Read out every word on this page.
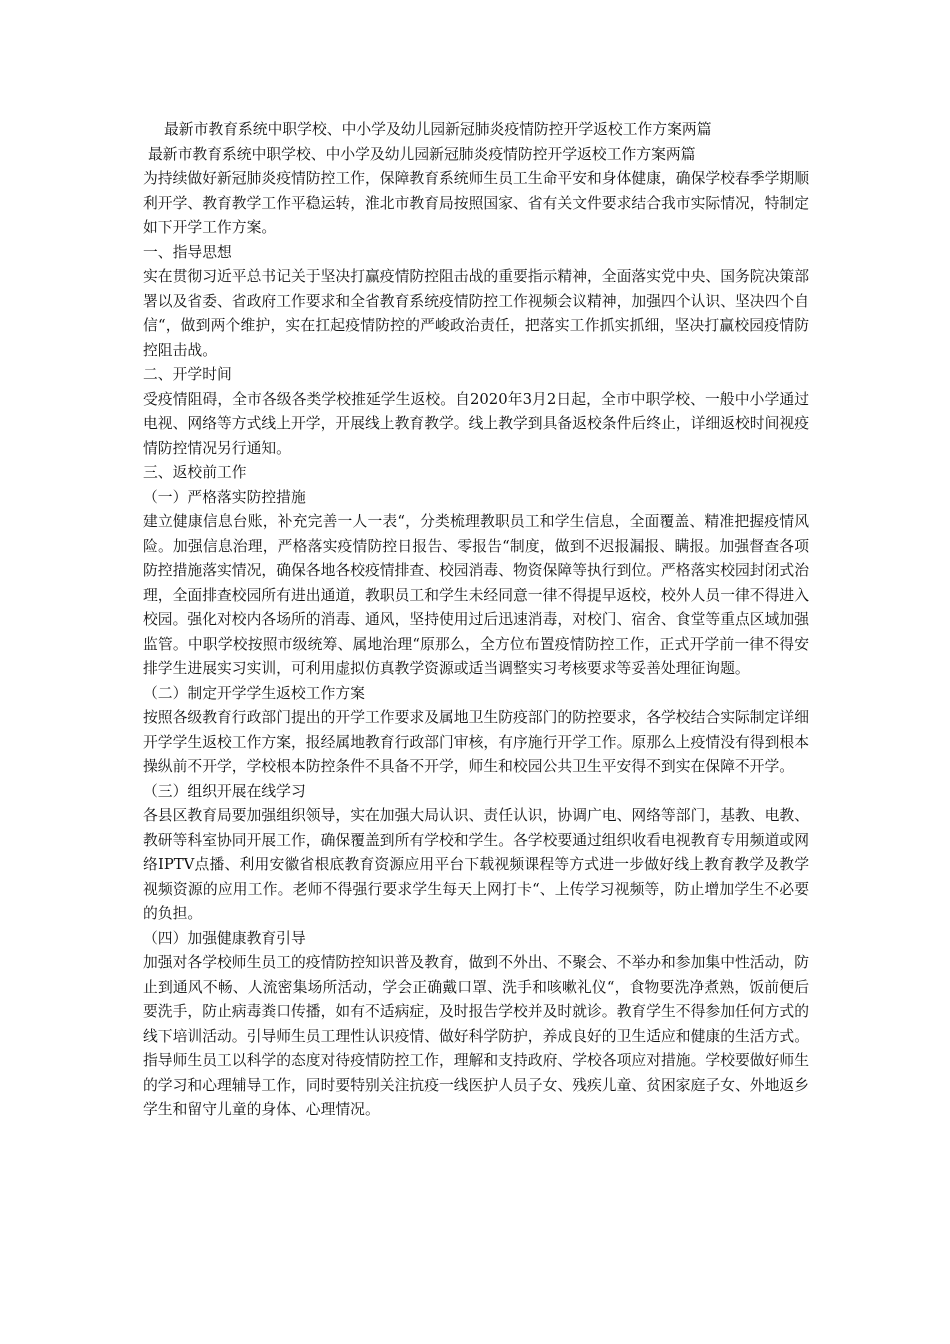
最新市教育系统中职学校、中小学及幼儿园新冠肺炎疫情防控开学返校工作方案两篇
最新市教育系统中职学校、中小学及幼儿园新冠肺炎疫情防控开学返校工作方案两篇

为持续做好新冠肺炎疫情防控工作，保障教育系统师生员工生命平安和身体健康，确保学校春季学期顺利开学、教育教学工作平稳运转，淮北市教育局按照国家、省有关文件要求结合我市实际情况，特制定如下开学工作方案。

一、指导思想

实在贯彻习近平总书记关于坚决打赢疫情防控阻击战的重要指示精神，全面落实党中央、国务院决策部署以及省委、省政府工作要求和全省教育系统疫情防控工作视频会议精神，加强四个认识、坚决四个自信“，做到两个维护，实在扛起疫情防控的严峻政治责任，把落实工作抓实抓细，坚决打赢校园疫情防控阻击战。

二、开学时间

受疫情阻碍，全市各级各类学校推延学生返校。自2020年3月2日起，全市中职学校、一般中小学通过电视、网络等方式线上开学，开展线上教育教学。线上教学到具备返校条件后终止，详细返校时间视疫情防控情况另行通知。

三、返校前工作
（一）严格落实防控措施

建立健康信息台账，补充完善一人一表“，分类梳理教职员工和学生信息，全面覆盖、精准把握疫情风险。加强信息治理，严格落实疫情防控日报告、零报告“制度，做到不迟报漏报、瞒报。加强督查各项防控措施落实情况，确保各地各校疫情排查、校园消毒、物资保障等执行到位。严格落实校园封闭式治理，全面排查校园所有进出通道，教职员工和学生未经同意一律不得提早返校，校外人员一律不得进入校园。强化对校内各场所的消毒、通风，坚持使用过后迅速消毒，对校门、宿舍、食堂等重点区域加强监管。中职学校按照市级统筹、属地治理“原那么，全方位布置疫情防控工作，正式开学前一律不得安排学生进展实习实训，可利用虚拟仿真教学资源或适当调整实习考核要求等妥善处理征询题。

（二）制定开学学生返校工作方案

按照各级教育行政部门提出的开学工作要求及属地卫生防疫部门的防控要求，各学校结合实际制定详细开学学生返校工作方案，报经属地教育行政部门审核，有序施行开学工作。原那么上疫情没有得到根本操纵前不开学，学校根本防控条件不具备不开学，师生和校园公共卫生平安得不到实在保障不开学。

（三）组织开展在线学习

各县区教育局要加强组织领导，实在加强大局认识、责任认识，协调广电、网络等部门，基教、电教、教研等科室协同开展工作，确保覆盖到所有学校和学生。各学校要通过组织收看电视教育专用频道或网络IPTV点播、利用安徽省根底教育资源应用平台下载视频课程等方式进一步做好线上教育教学及教学视频资源的应用工作。老师不得强行要求学生每天上网打卡“、上传学习视频等，防止增加学生不必要的负担。

（四）加强健康教育引导

加强对各学校师生员工的疫情防控知识普及教育，做到不外出、不聚会、不举办和参加集中性活动，防止到通风不畅、人流密集场所活动，学会正确戴口罩、洗手和咳嗽礼仪“，食物要洗净煮熟，饭前便后要洗手，防止病毒粪口传播，如有不适病症，及时报告学校并及时就诊。教育学生不得参加任何方式的线下培训活动。引导师生员工理性认识疫情、做好科学防护，养成良好的卫生适应和健康的生活方式。指导师生员工以科学的态度对待疫情防控工作，理解和支持政府、学校各项应对措施。学校要做好师生的学习和心理辅导工作，同时要特别关注抗疫一线医护人员子女、残疾儿童、贫困家庭子女、外地返乡学生和留守儿童的身体、心理情况。
